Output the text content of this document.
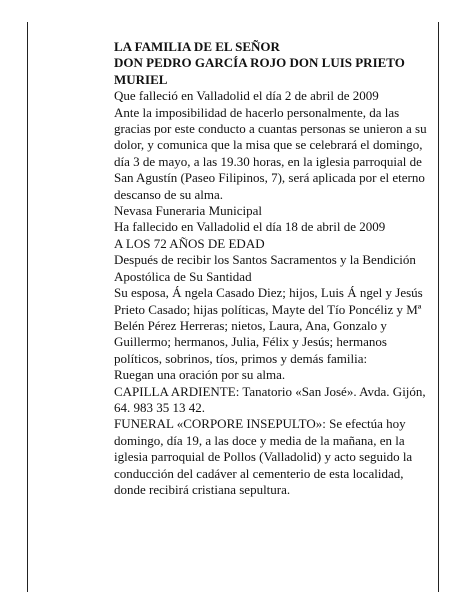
LA FAMILIA DE EL SEÑOR

DON PEDRO GARCÍA ROJO DON LUIS PRIETO MURIEL

Que falleció en Valladolid el día 2 de abril de 2009

Ante la imposibilidad de hacerlo personalmente, da las gracias por este conducto a cuantas personas se unieron a su dolor, y comunica que la misa que se celebrará el domingo, día 3 de mayo, a las 19.30 horas, en la iglesia parroquial de San Agustín (Paseo Filipinos, 7), será aplicada por el eterno descanso de su alma.

Nevasa Funeraria Municipal

Ha fallecido en Valladolid el día 18 de abril de 2009

A LOS 72 AÑOS DE EDAD

Después de recibir los Santos Sacramentos y la Bendición Apostólica de Su Santidad

Su esposa, Á ngela Casado Diez; hijos, Luis Á ngel y Jesús Prieto Casado; hijas políticas, Mayte del Tío Poncéliz y Mª Belén Pérez Herreras; nietos, Laura, Ana, Gonzalo y Guillermo; hermanos, Julia, Félix y Jesús; hermanos políticos, sobrinos, tíos, primos y demás familia:

Ruegan una oración por su alma.

CAPILLA ARDIENTE: Tanatorio «San José». Avda. Gijón, 64. 983 35 13 42.

FUNERAL «CORPORE INSEPULTO»: Se efectúa hoy domingo, día 19, a las doce y media de la mañana, en la iglesia parroquial de Pollos (Valladolid) y acto seguido la conducción del cadáver al cementerio de esta localidad, donde recibirá cristiana sepultura.
